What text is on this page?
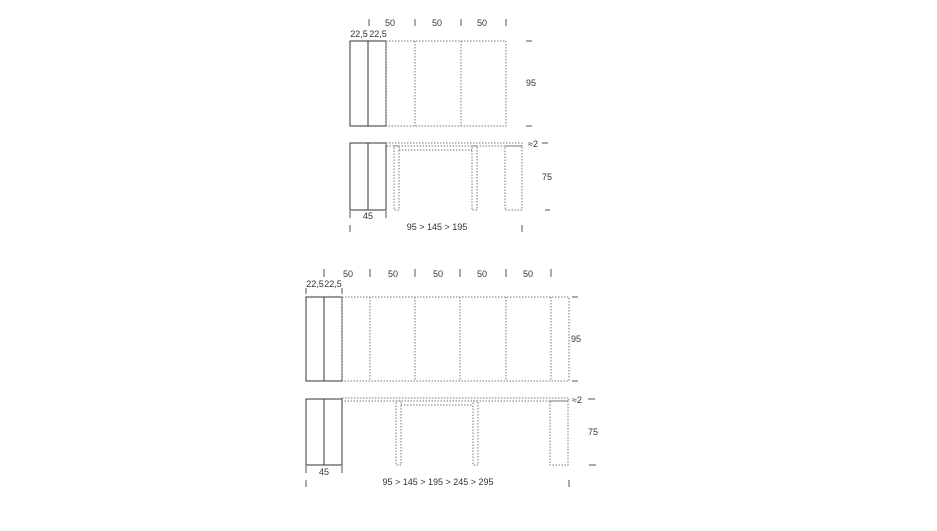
50	50	50
22,5 22,5
95
≈2
75
45
95 > 145 > 195
50	50	50	50	50
22,5 22,5
95
≈2
75
45
95 > 145 > 195 > 245 > 295
